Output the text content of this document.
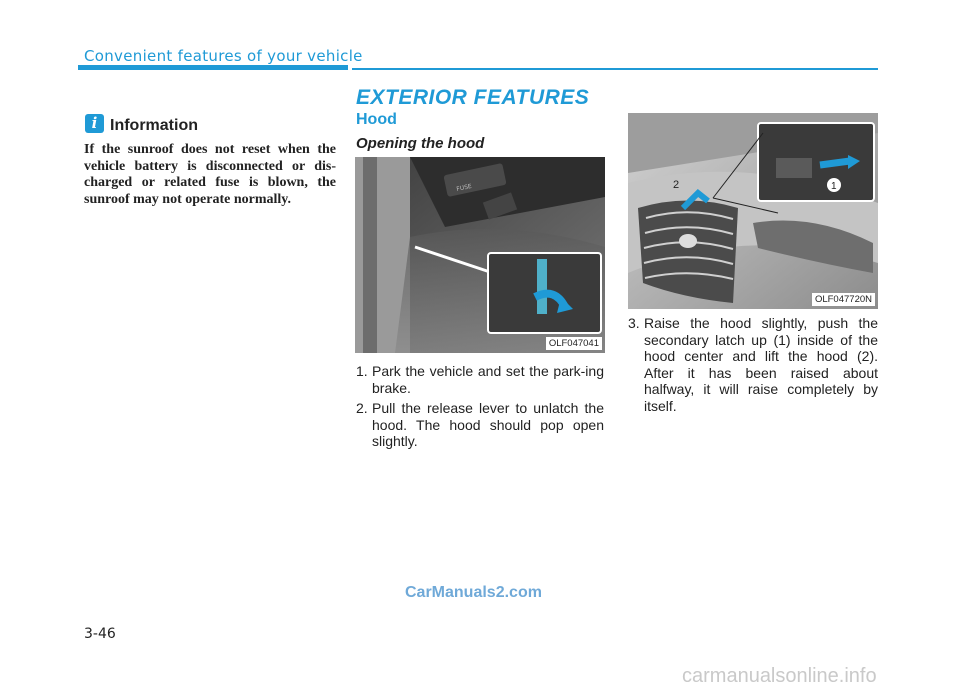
Convenient features of your vehicle
EXTERIOR FEATURES
i Information
If the sunroof does not reset when the vehicle battery is disconnected or dis-charged or related fuse is blown, the sunroof may not operate normally.
Hood
Opening the hood
FUSE
OLF047041
1
2
OLF047720N
1. Park the vehicle and set the park-ing brake.
2. Pull the release lever to unlatch the hood. The hood should pop open slightly.
3. Raise the hood slightly, push the secondary latch up (1) inside of the hood center and lift the hood (2). After it has been raised about halfway, it will raise completely by itself.
CarManuals2.com
3-46
carmanualsonline.info
